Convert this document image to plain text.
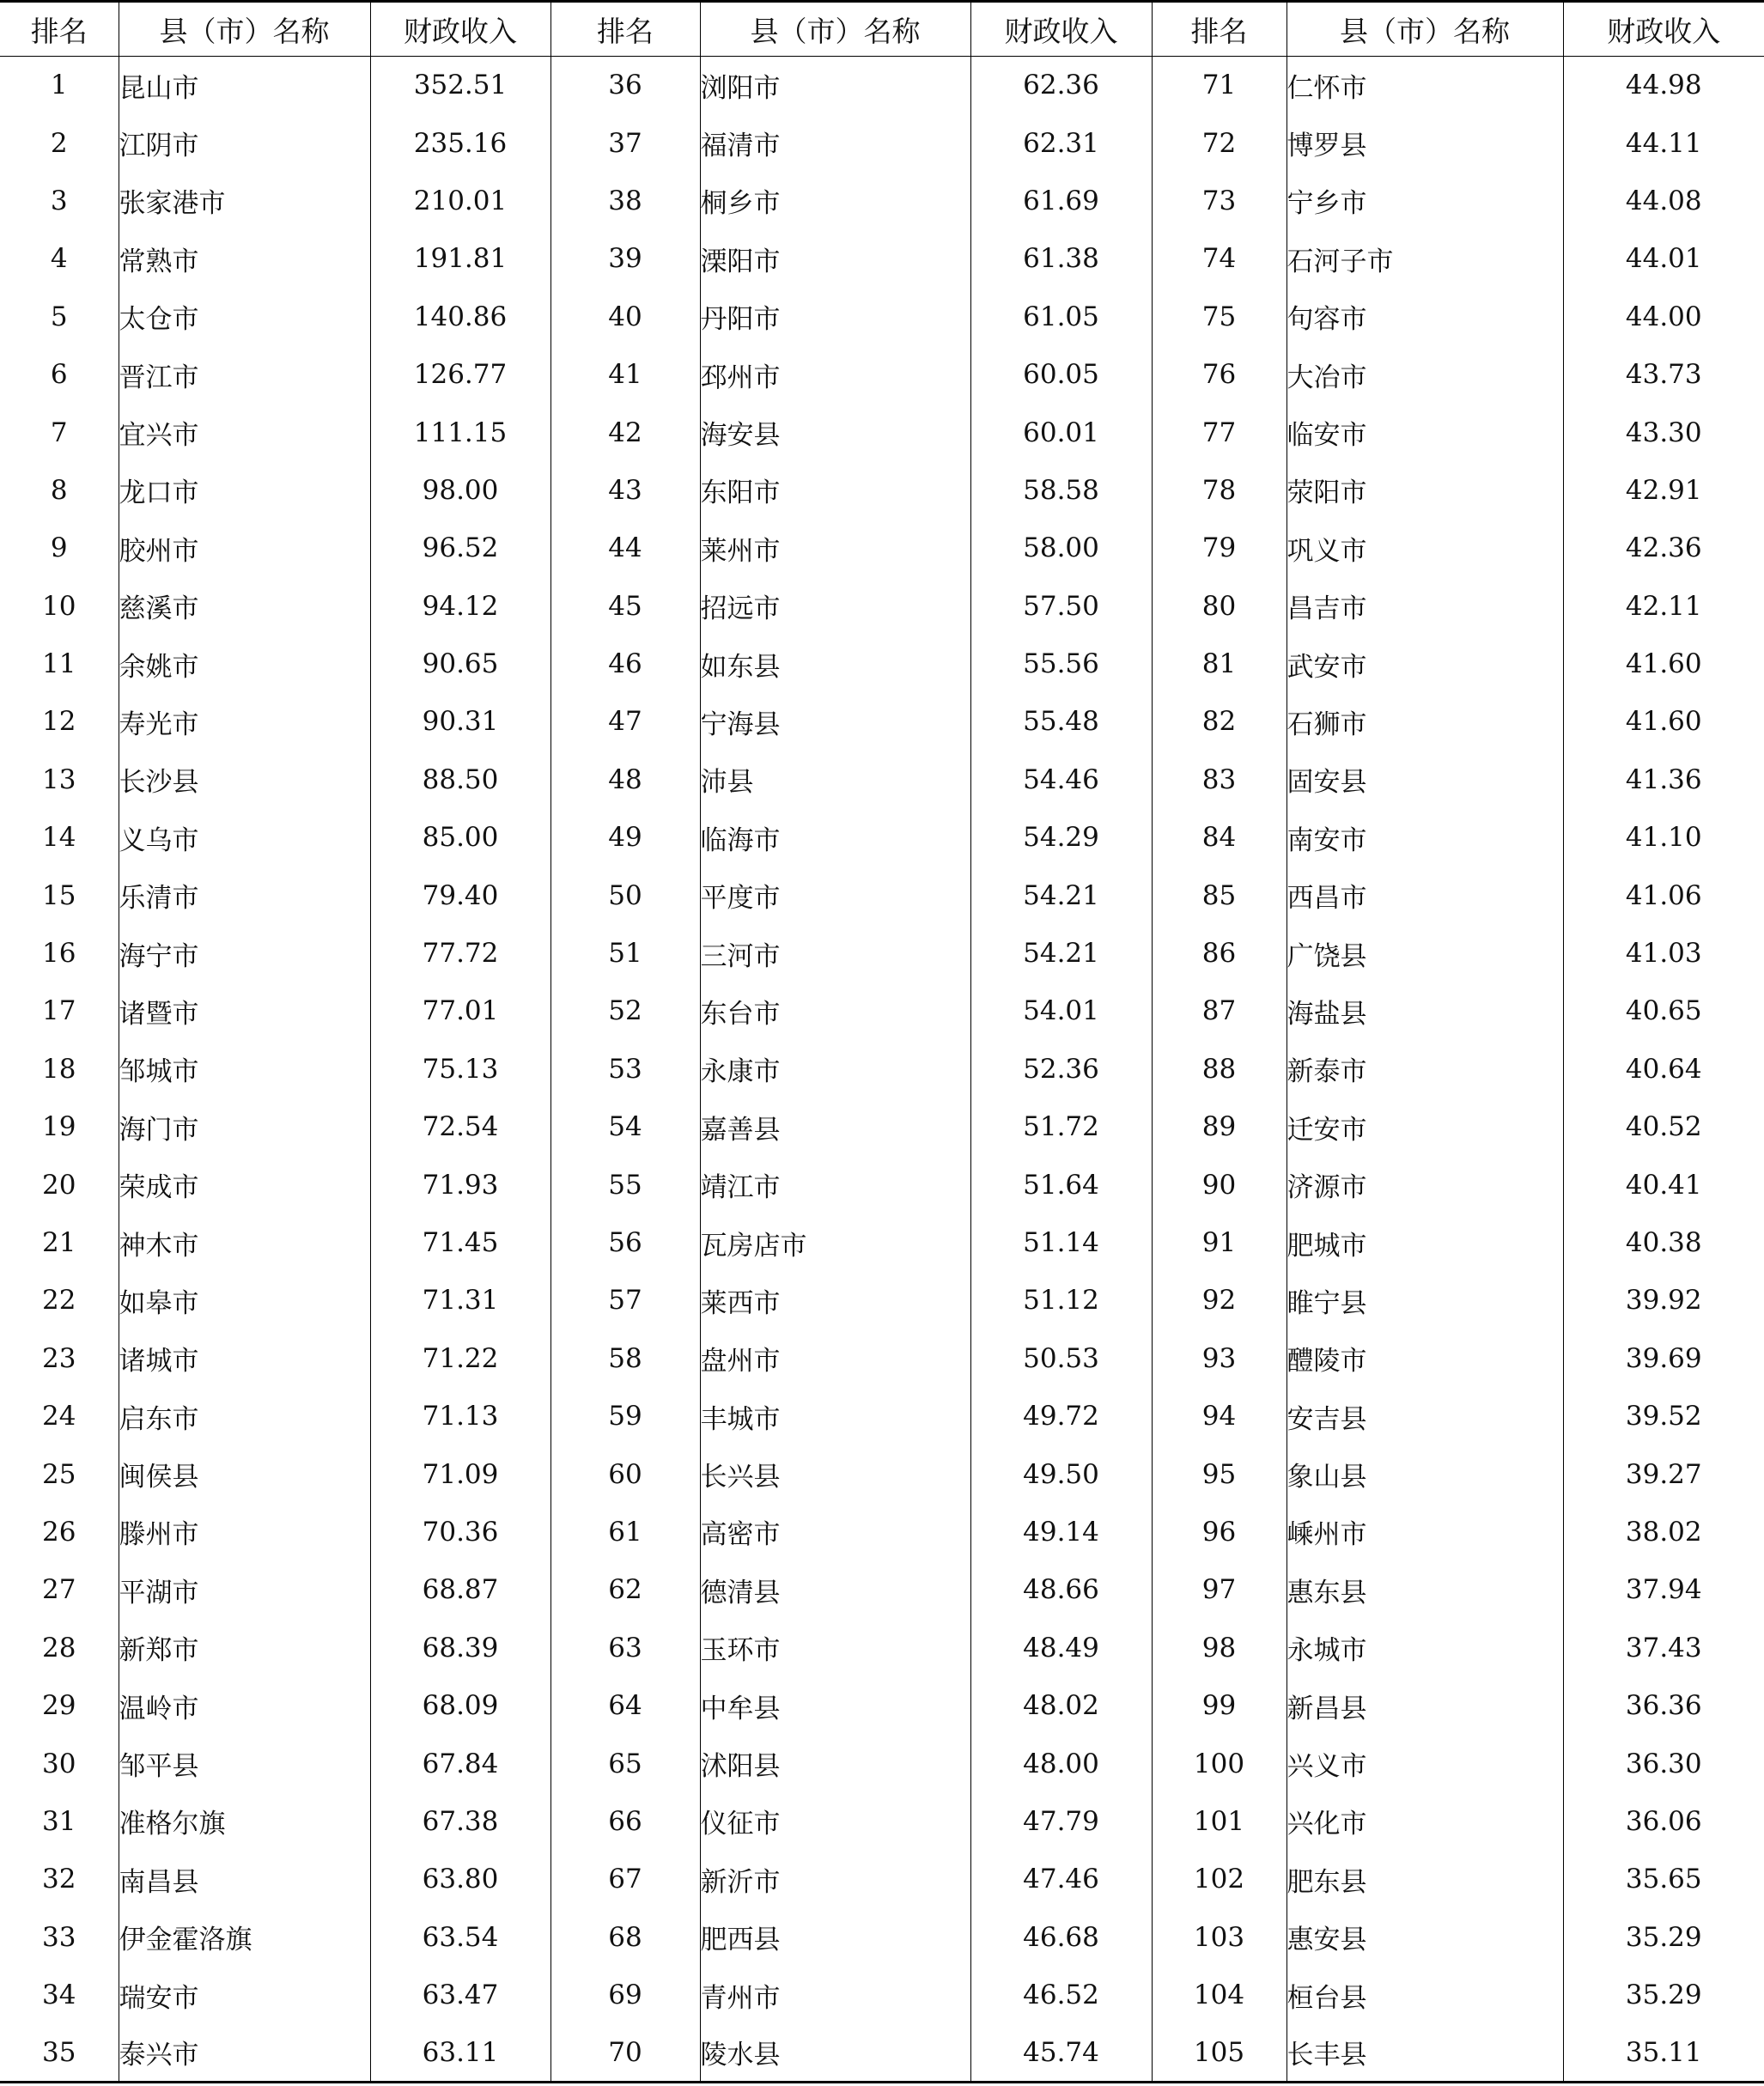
排名	县（市）名称	财政收入	排名	县（市）名称	财政收入	排名	县（市）名称	财政收入
1	昆山市	352.51	36	浏阳市	62.36	71	仁怀市	44.98
2	江阴市	235.16	37	福清市	62.31	72	博罗县	44.11
3	张家港市	210.01	38	桐乡市	61.69	73	宁乡市	44.08
4	常熟市	191.81	39	溧阳市	61.38	74	石河子市	44.01
5	太仓市	140.86	40	丹阳市	61.05	75	句容市	44.00
6	晋江市	126.77	41	邳州市	60.05	76	大冶市	43.73
7	宜兴市	111.15	42	海安县	60.01	77	临安市	43.30
8	龙口市	98.00	43	东阳市	58.58	78	荥阳市	42.91
9	胶州市	96.52	44	莱州市	58.00	79	巩义市	42.36
10	慈溪市	94.12	45	招远市	57.50	80	昌吉市	42.11
11	余姚市	90.65	46	如东县	55.56	81	武安市	41.60
12	寿光市	90.31	47	宁海县	55.48	82	石狮市	41.60
13	长沙县	88.50	48	沛县	54.46	83	固安县	41.36
14	义乌市	85.00	49	临海市	54.29	84	南安市	41.10
15	乐清市	79.40	50	平度市	54.21	85	西昌市	41.06
16	海宁市	77.72	51	三河市	54.21	86	广饶县	41.03
17	诸暨市	77.01	52	东台市	54.01	87	海盐县	40.65
18	邹城市	75.13	53	永康市	52.36	88	新泰市	40.64
19	海门市	72.54	54	嘉善县	51.72	89	迁安市	40.52
20	荣成市	71.93	55	靖江市	51.64	90	济源市	40.41
21	神木市	71.45	56	瓦房店市	51.14	91	肥城市	40.38
22	如皋市	71.31	57	莱西市	51.12	92	睢宁县	39.92
23	诸城市	71.22	58	盘州市	50.53	93	醴陵市	39.69
24	启东市	71.13	59	丰城市	49.72	94	安吉县	39.52
25	闽侯县	71.09	60	长兴县	49.50	95	象山县	39.27
26	滕州市	70.36	61	高密市	49.14	96	嵊州市	38.02
27	平湖市	68.87	62	德清县	48.66	97	惠东县	37.94
28	新郑市	68.39	63	玉环市	48.49	98	永城市	37.43
29	温岭市	68.09	64	中牟县	48.02	99	新昌县	36.36
30	邹平县	67.84	65	沭阳县	48.00	100	兴义市	36.30
31	准格尔旗	67.38	66	仪征市	47.79	101	兴化市	36.06
32	南昌县	63.80	67	新沂市	47.46	102	肥东县	35.65
33	伊金霍洛旗	63.54	68	肥西县	46.68	103	惠安县	35.29
34	瑞安市	63.47	69	青州市	46.52	104	桓台县	35.29
35	泰兴市	63.11	70	陵水县	45.74	105	长丰县	35.11
